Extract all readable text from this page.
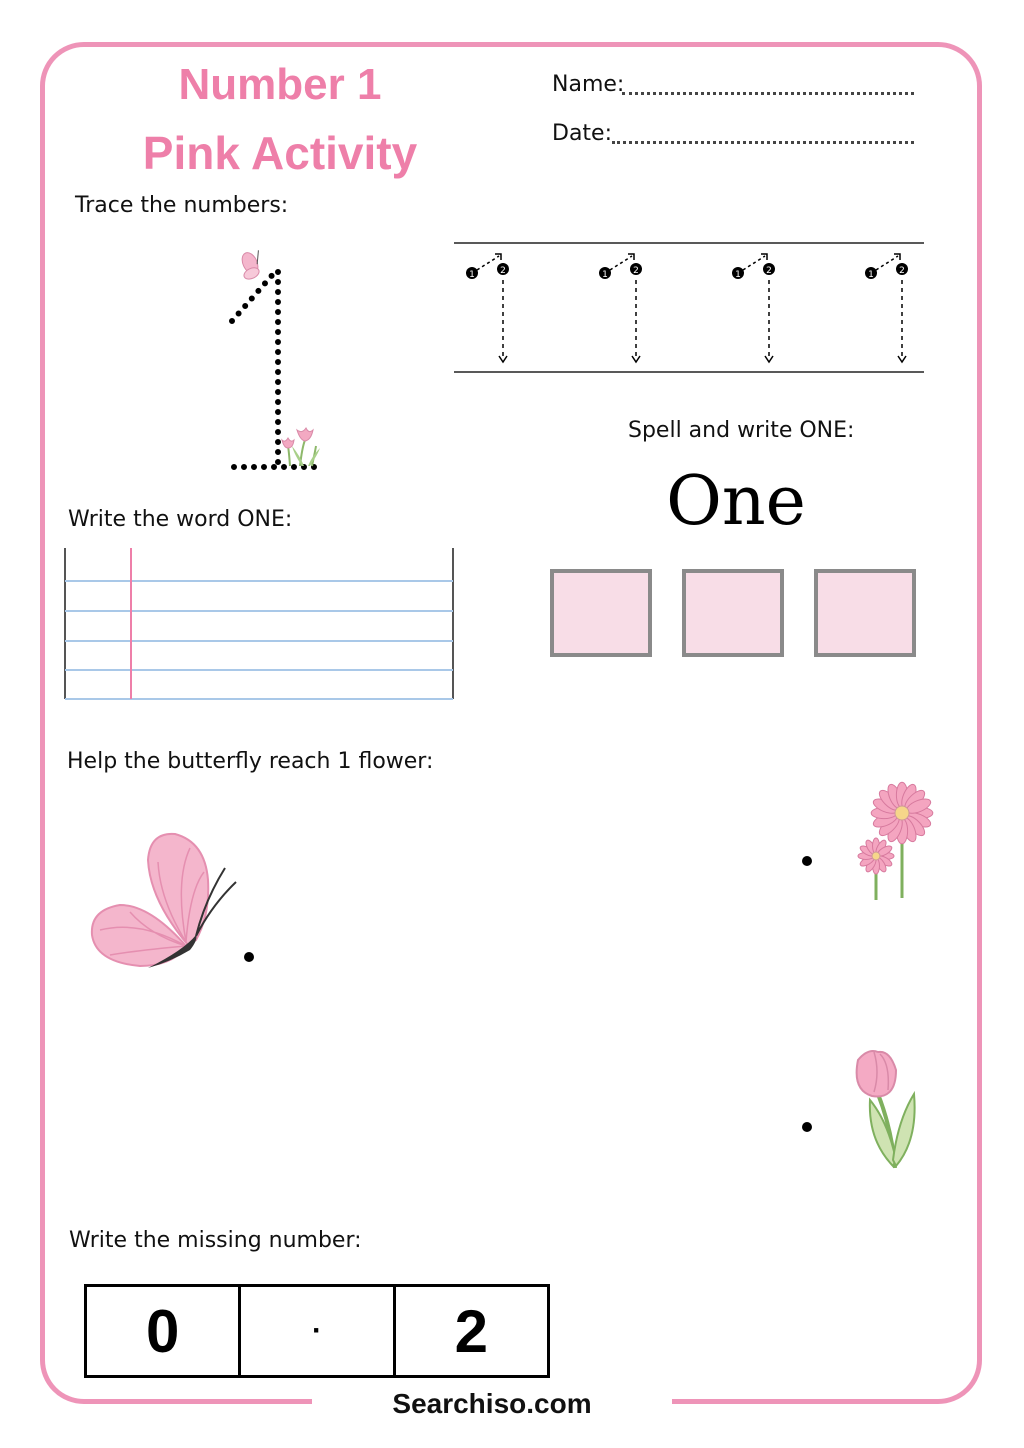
Searchiso.com
Number 1
Pink Activity
Name:
Date:
Trace the numbers:
1	2	1	2	1	2	1	2
Spell and write ONE:
One
Write the word ONE:
Help the butterfly reach 1 flower:
Write the missing number:
0	·	2
